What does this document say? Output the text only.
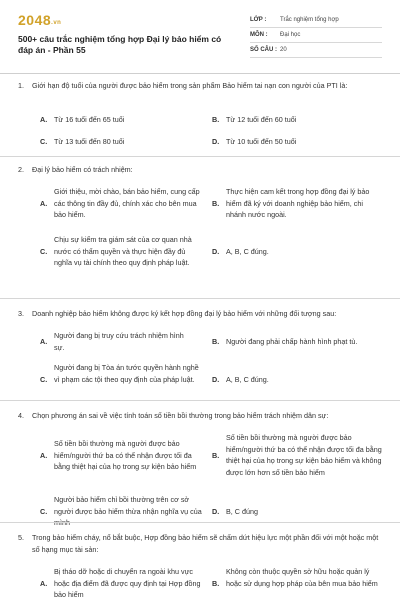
2048.vn
500+ câu trắc nghiệm tổng hợp Đại lý bảo hiểm có đáp án - Phần 55
LỚP :	Trắc nghiệm tổng hợp
MÔN :	Đại học
SỐ CÂU : 20
1.	Giới hạn độ tuổi của người được bảo hiểm trong sản phẩm Bảo hiểm tai nạn con người của PTI là:
A. Từ 16 tuổi đến 65 tuổi	B. Từ 12 tuổi đến 60 tuổi
C. Từ 13 tuổi đến 80 tuổi	D. Từ 10 tuổi đến 50 tuổi
2.	Đại lý bảo hiểm có trách nhiệm:
A.
Giới thiệu, mời chào, bán bảo hiểm, cung cấp các thông tin đầy đủ, chính xác cho bên mua bảo hiểm.
B.
Thực hiện cam kết trong hợp đồng đại lý bảo hiểm đã ký với doanh nghiệp bảo hiểm, chi nhánh nước ngoài.
C.
Chịu sự kiểm tra giám sát của cơ quan nhà nước có thẩm quyền và thực hiện đầy đủ nghĩa vụ tài chính theo quy định pháp luật.
D. A, B, C đúng.
3.	Doanh nghiệp bảo hiểm không được ký kết hợp đồng đại lý bảo hiểm với những đối tượng sau:
A.
Người đang bị truy cứu trách nhiệm hình sự.
B. Người đang phải chấp hành hình phạt tù.
C.
Người đang bị Tòa án tước quyền hành nghề vì phạm các tội theo quy định của pháp luật.	D. A, B, C đúng.
4.	Chọn phương án sai về việc tính toán số tiền bồi thường trong bảo hiểm trách nhiệm dân sự:
A.
Số tiền bồi thường mà người được bảo hiểm/người thứ ba có thể nhận được tối đa bằng thiệt hại của họ trong sự kiện bảo hiểm
B.
Số tiền bồi thường mà người được bảo hiểm/người thứ ba có thể nhận được tối đa bằng thiệt hại của họ trong sự kiện bảo hiểm và không được lớn hơn số tiền bảo hiểm
C.
Người bảo hiểm chỉ bồi thường trên cơ sở người được bảo hiểm thừa nhận nghĩa vụ của mình
D. B, C đúng
5.	Trong bảo hiểm cháy, nổ bắt buộc, Hợp đồng bảo hiểm sẽ chấm dứt hiệu lực một phần đối với một hoặc một số hạng mục tài sản:
A.
Bị tháo dỡ hoặc di chuyển ra ngoài khu vực hoặc địa điểm đã được quy định tại Hợp đồng bảo hiểm
B.
Không còn thuộc quyền sở hữu hoặc quản lý hoặc sử dụng hợp pháp của bên mua bảo hiểm
